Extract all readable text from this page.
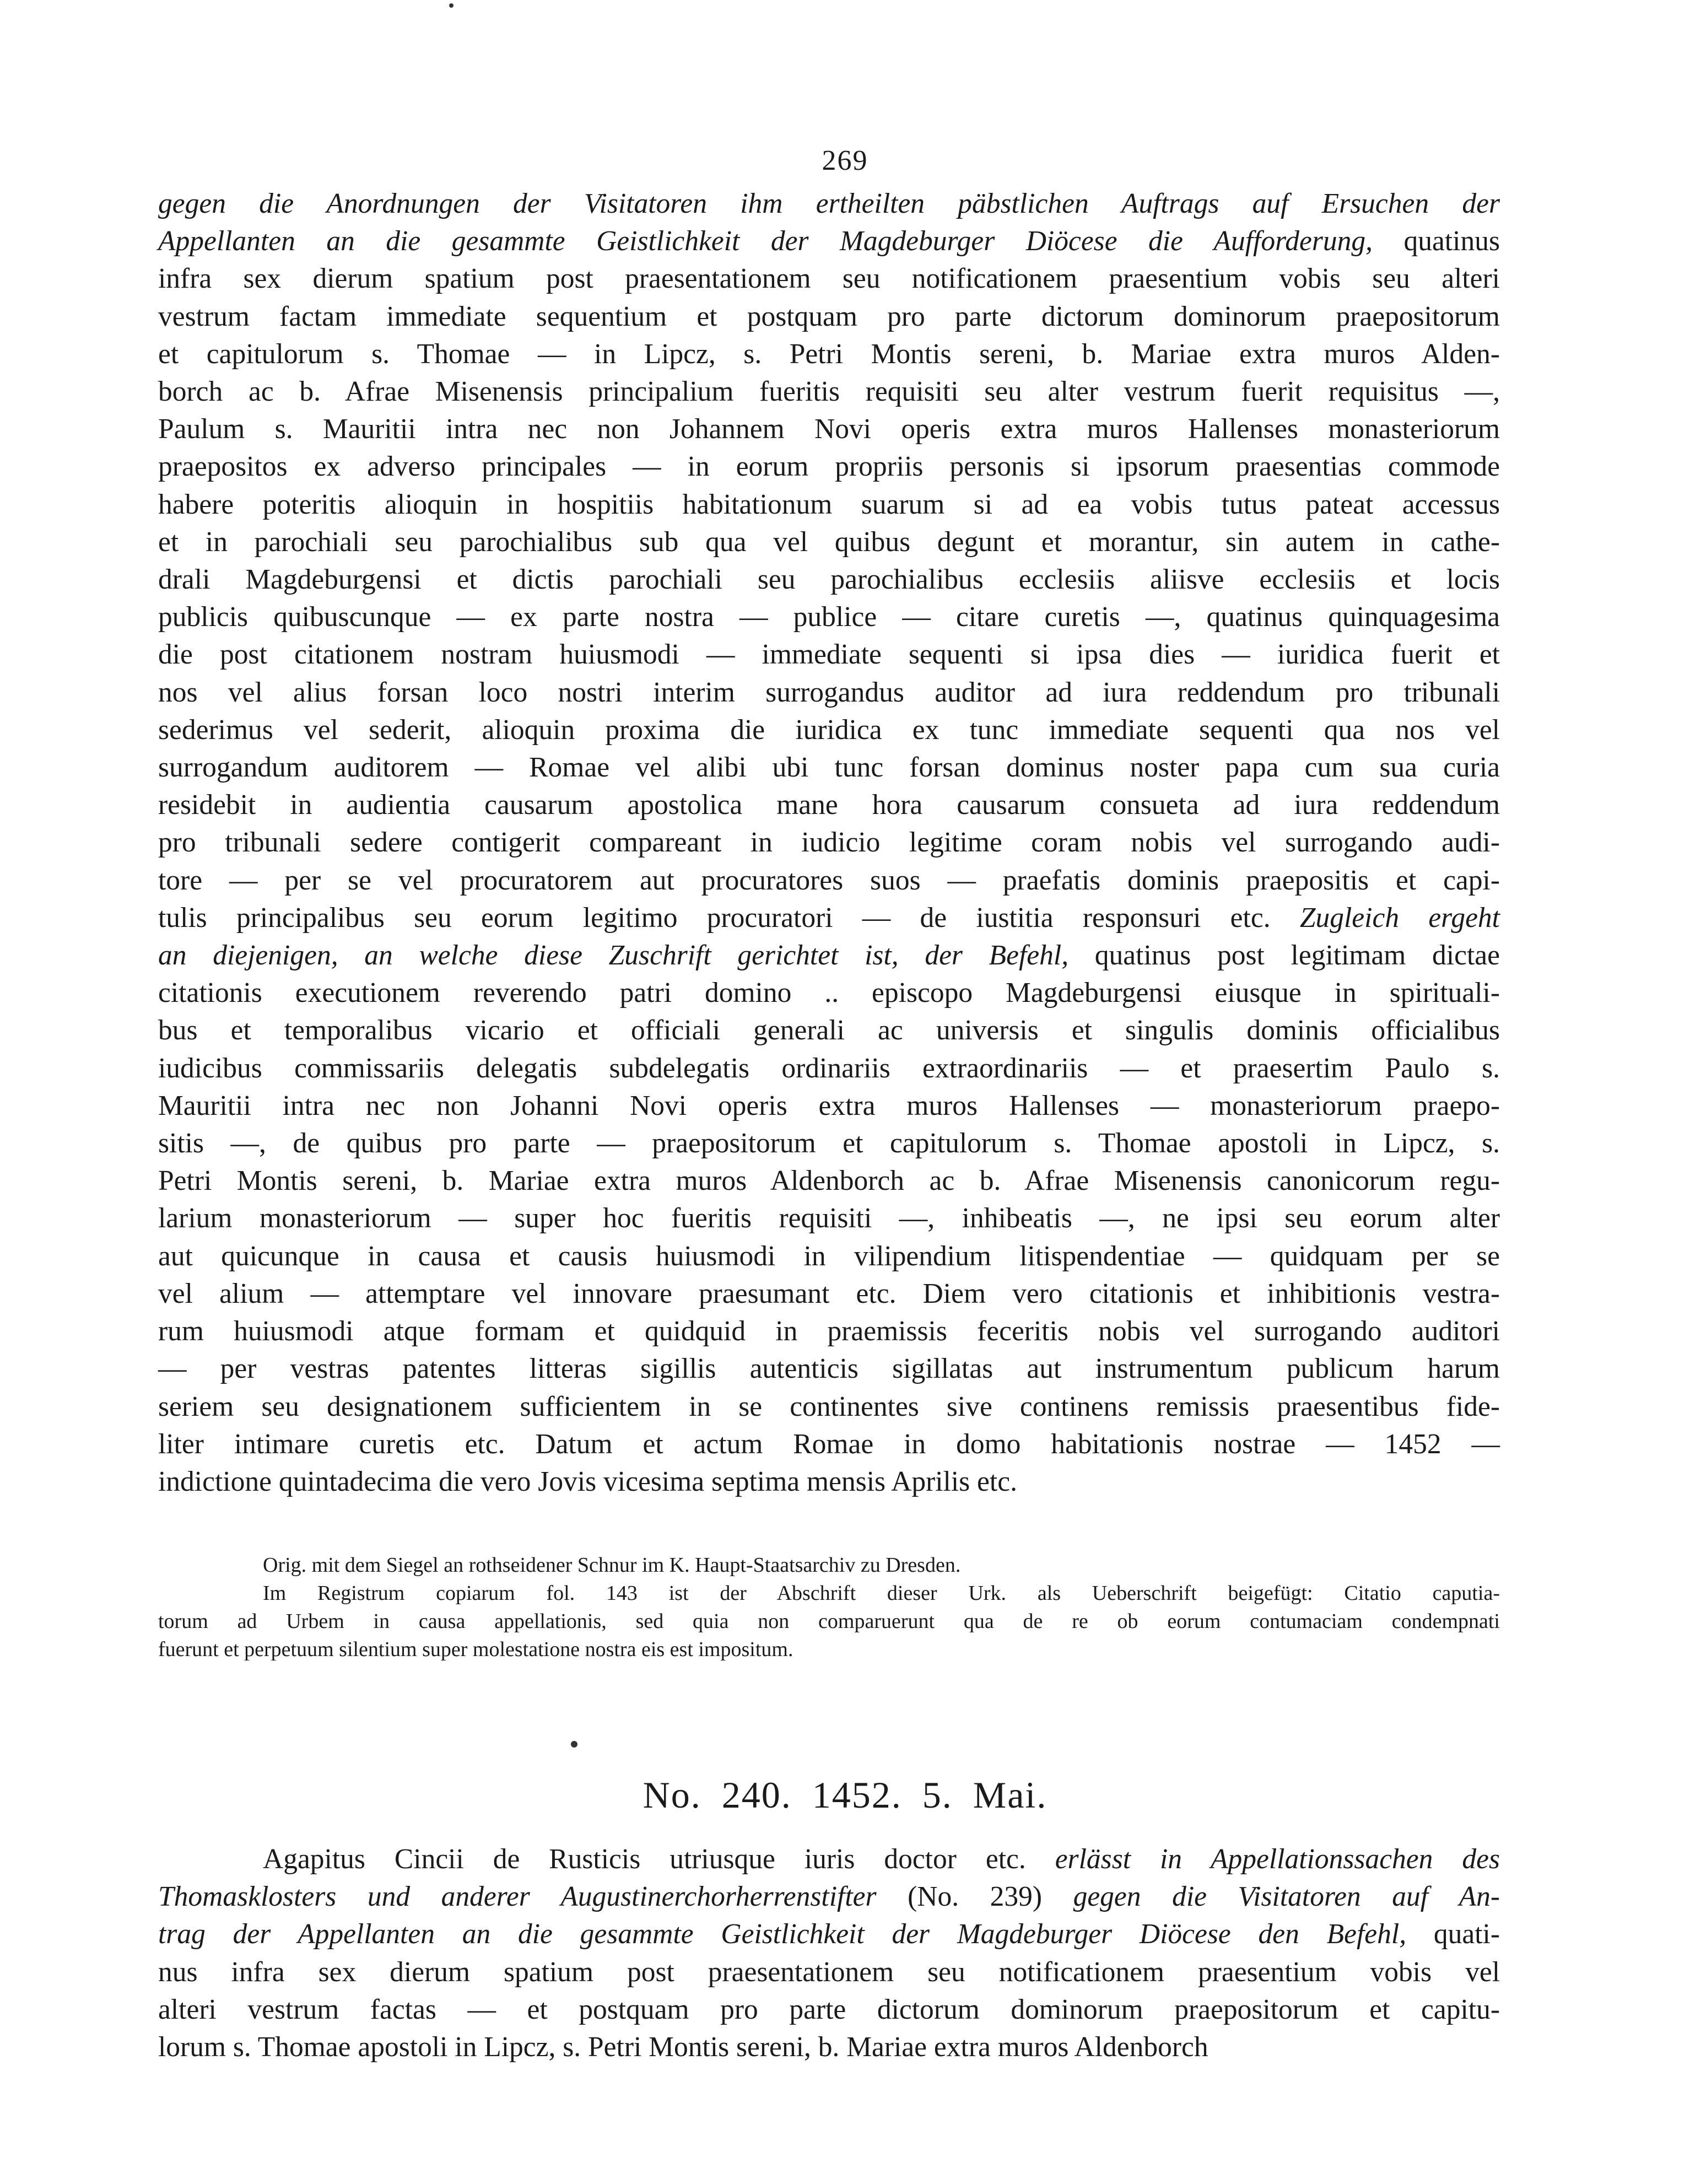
269
gegen die Anordnungen der Visitatoren ihm ertheilten päbstlichen Auftrags auf Ersuchen der
Appellanten an die gesammte Geistlichkeit der Magdeburger Diöcese die Aufforderung, quatinus
infra sex dierum spatium post praesentationem seu notificationem praesentium vobis seu alteri
vestrum factam immediate sequentium et postquam pro parte dictorum dominorum praepositorum
et capitulorum s. Thomae — in Lipcz, s. Petri Montis sereni, b. Mariae extra muros Alden-
borch ac b. Afrae Misenensis principalium fueritis requisiti seu alter vestrum fuerit requisitus —,
Paulum s. Mauritii intra nec non Johannem Novi operis extra muros Hallenses monasteriorum
praepositos ex adverso principales — in eorum propriis personis si ipsorum praesentias commode
habere poteritis alioquin in hospitiis habitationum suarum si ad ea vobis tutus pateat accessus
et in parochiali seu parochialibus sub qua vel quibus degunt et morantur, sin autem in cathe-
drali Magdeburgensi et dictis parochiali seu parochialibus ecclesiis aliisve ecclesiis et locis
publicis quibuscunque — ex parte nostra — publice — citare curetis —, quatinus quinquagesima
die post citationem nostram huiusmodi — immediate sequenti si ipsa dies — iuridica fuerit et
nos vel alius forsan loco nostri interim surrogandus auditor ad iura reddendum pro tribunali
sederimus vel sederit, alioquin proxima die iuridica ex tunc immediate sequenti qua nos vel
surrogandum auditorem — Romae vel alibi ubi tunc forsan dominus noster papa cum sua curia
residebit in audientia causarum apostolica mane hora causarum consueta ad iura reddendum
pro tribunali sedere contigerit compareant in iudicio legitime coram nobis vel surrogando audi-
tore — per se vel procuratorem aut procuratores suos — praefatis dominis praepositis et capi-
tulis principalibus seu eorum legitimo procuratori — de iustitia responsuri etc. Zugleich ergeht
an diejenigen, an welche diese Zuschrift gerichtet ist, der Befehl, quatinus post legitimam dictae
citationis executionem reverendo patri domino .. episcopo Magdeburgensi eiusque in spirituali-
bus et temporalibus vicario et officiali generali ac universis et singulis dominis officialibus
iudicibus commissariis delegatis subdelegatis ordinariis extraordinariis — et praesertim Paulo s.
Mauritii intra nec non Johanni Novi operis extra muros Hallenses — monasteriorum praepo-
sitis —, de quibus pro parte — praepositorum et capitulorum s. Thomae apostoli in Lipcz, s.
Petri Montis sereni, b. Mariae extra muros Aldenborch ac b. Afrae Misenensis canonicorum regu-
larium monasteriorum — super hoc fueritis requisiti —, inhibeatis —, ne ipsi seu eorum alter
aut quicunque in causa et causis huiusmodi in vilipendium litispendentiae — quidquam per se
vel alium — attemptare vel innovare praesumant etc. Diem vero citationis et inhibitionis vestra-
rum huiusmodi atque formam et quidquid in praemissis feceritis nobis vel surrogando auditori
— per vestras patentes litteras sigillis autenticis sigillatas aut instrumentum publicum harum
seriem seu designationem sufficientem in se continentes sive continens remissis praesentibus fide-
liter intimare curetis etc. Datum et actum Romae in domo habitationis nostrae — 1452 —
indictione quintadecima die vero Jovis vicesima septima mensis Aprilis etc.
Orig. mit dem Siegel an rothseidener Schnur im K. Haupt-Staatsarchiv zu Dresden.
Im Registrum copiarum fol. 143 ist der Abschrift dieser Urk. als Ueberschrift beigefügt: Citatio caputia-
torum ad Urbem in causa appellationis, sed quia non comparuerunt qua de re ob eorum contumaciam condempnati
fuerunt et perpetuum silentium super molestatione nostra eis est impositum.
No. 240. 1452. 5. Mai.
Agapitus Cincii de Rusticis utriusque iuris doctor etc. erlässt in Appellationssachen des
Thomasklosters und anderer Augustinerchorherrenstifter (No. 239) gegen die Visitatoren auf An-
trag der Appellanten an die gesammte Geistlichkeit der Magdeburger Diöcese den Befehl, quati-
nus infra sex dierum spatium post praesentationem seu notificationem praesentium vobis vel
alteri vestrum factas — et postquam pro parte dictorum dominorum praepositorum et capitu-
lorum s. Thomae apostoli in Lipcz, s. Petri Montis sereni, b. Mariae extra muros Aldenborch
